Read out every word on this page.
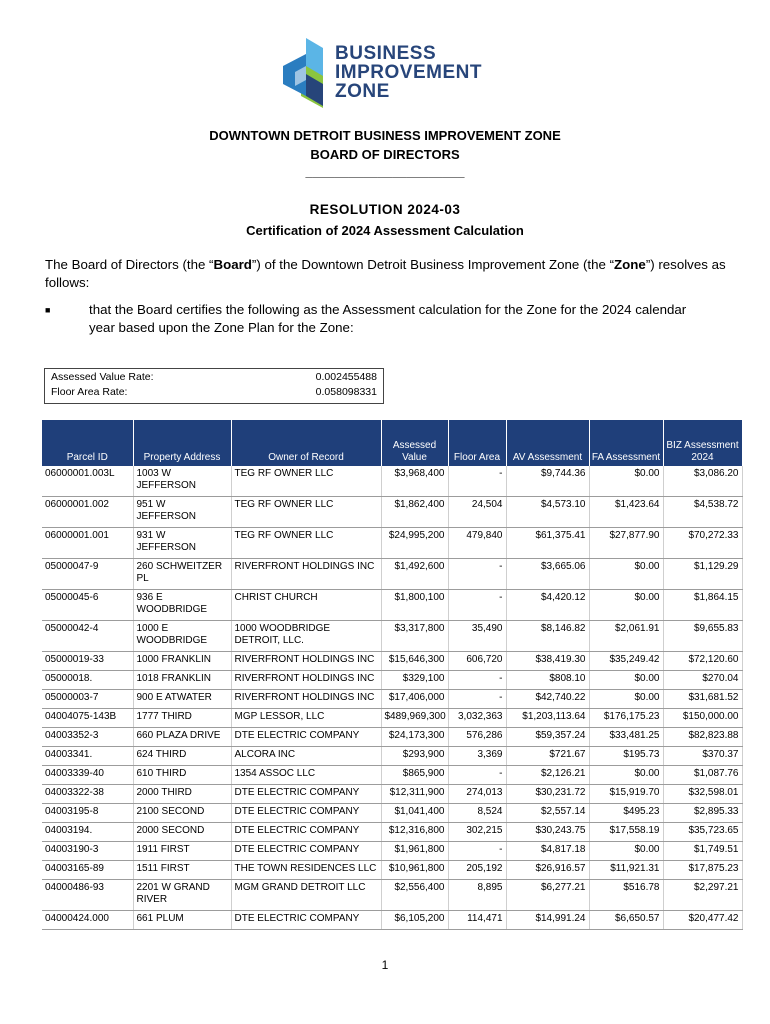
BUSINESS
IMPROVEMENT
ZONE
DOWNTOWN DETROIT BUSINESS IMPROVEMENT ZONE
BOARD OF DIRECTORS
______________________
RESOLUTION 2024-03
Certification of 2024 Assessment Calculation
The Board of Directors (the “Board”) of the Downtown Detroit Business Improvement Zone (the “Zone”) resolves as follows:
■	that the Board certifies the following as the Assessment calculation for the Zone for the 2024 calendar year based upon the Zone Plan for the Zone:
Assessed Value Rate:	0.002455488
Floor Area Rate:	0.058098331
Parcel ID	Property Address	Owner of Record	Assessed Value	Floor Area	AV Assessment	FA Assessment	BIZ Assessment 2024
06000001.003L	1003 W JEFFERSON	TEG RF OWNER LLC	$3,968,400	-	$9,744.36	$0.00	$3,086.20
06000001.002	951 W JEFFERSON	TEG RF OWNER LLC	$1,862,400	24,504	$4,573.10	$1,423.64	$4,538.72
06000001.001	931 W JEFFERSON	TEG RF OWNER LLC	$24,995,200	479,840	$61,375.41	$27,877.90	$70,272.33
05000047-9	260 SCHWEITZER PL	RIVERFRONT HOLDINGS INC	$1,492,600	-	$3,665.06	$0.00	$1,129.29
05000045-6	936 E WOODBRIDGE	CHRIST CHURCH	$1,800,100	-	$4,420.12	$0.00	$1,864.15
05000042-4	1000 E WOODBRIDGE	1000 WOODBRIDGE DETROIT, LLC.	$3,317,800	35,490	$8,146.82	$2,061.91	$9,655.83
05000019-33	1000 FRANKLIN	RIVERFRONT HOLDINGS INC	$15,646,300	606,720	$38,419.30	$35,249.42	$72,120.60
05000018.	1018 FRANKLIN	RIVERFRONT HOLDINGS INC	$329,100	-	$808.10	$0.00	$270.04
05000003-7	900 E ATWATER	RIVERFRONT HOLDINGS INC	$17,406,000	-	$42,740.22	$0.00	$31,681.52
04004075-143B	1777 THIRD	MGP LESSOR, LLC	$489,969,300	3,032,363	$1,203,113.64	$176,175.23	$150,000.00
04003352-3	660 PLAZA DRIVE	DTE ELECTRIC COMPANY	$24,173,300	576,286	$59,357.24	$33,481.25	$82,823.88
04003341.	624 THIRD	ALCORA INC	$293,900	3,369	$721.67	$195.73	$370.37
04003339-40	610 THIRD	1354 ASSOC LLC	$865,900	-	$2,126.21	$0.00	$1,087.76
04003322-38	2000 THIRD	DTE ELECTRIC COMPANY	$12,311,900	274,013	$30,231.72	$15,919.70	$32,598.01
04003195-8	2100 SECOND	DTE ELECTRIC COMPANY	$1,041,400	8,524	$2,557.14	$495.23	$2,895.33
04003194.	2000 SECOND	DTE ELECTRIC COMPANY	$12,316,800	302,215	$30,243.75	$17,558.19	$35,723.65
04003190-3	1911 FIRST	DTE ELECTRIC COMPANY	$1,961,800	-	$4,817.18	$0.00	$1,749.51
04003165-89	1511 FIRST	THE TOWN RESIDENCES LLC	$10,961,800	205,192	$26,916.57	$11,921.31	$17,875.23
04000486-93	2201 W GRAND RIVER	MGM GRAND DETROIT LLC	$2,556,400	8,895	$6,277.21	$516.78	$2,297.21
04000424.000	661 PLUM	DTE ELECTRIC COMPANY	$6,105,200	114,471	$14,991.24	$6,650.57	$20,477.42
1
